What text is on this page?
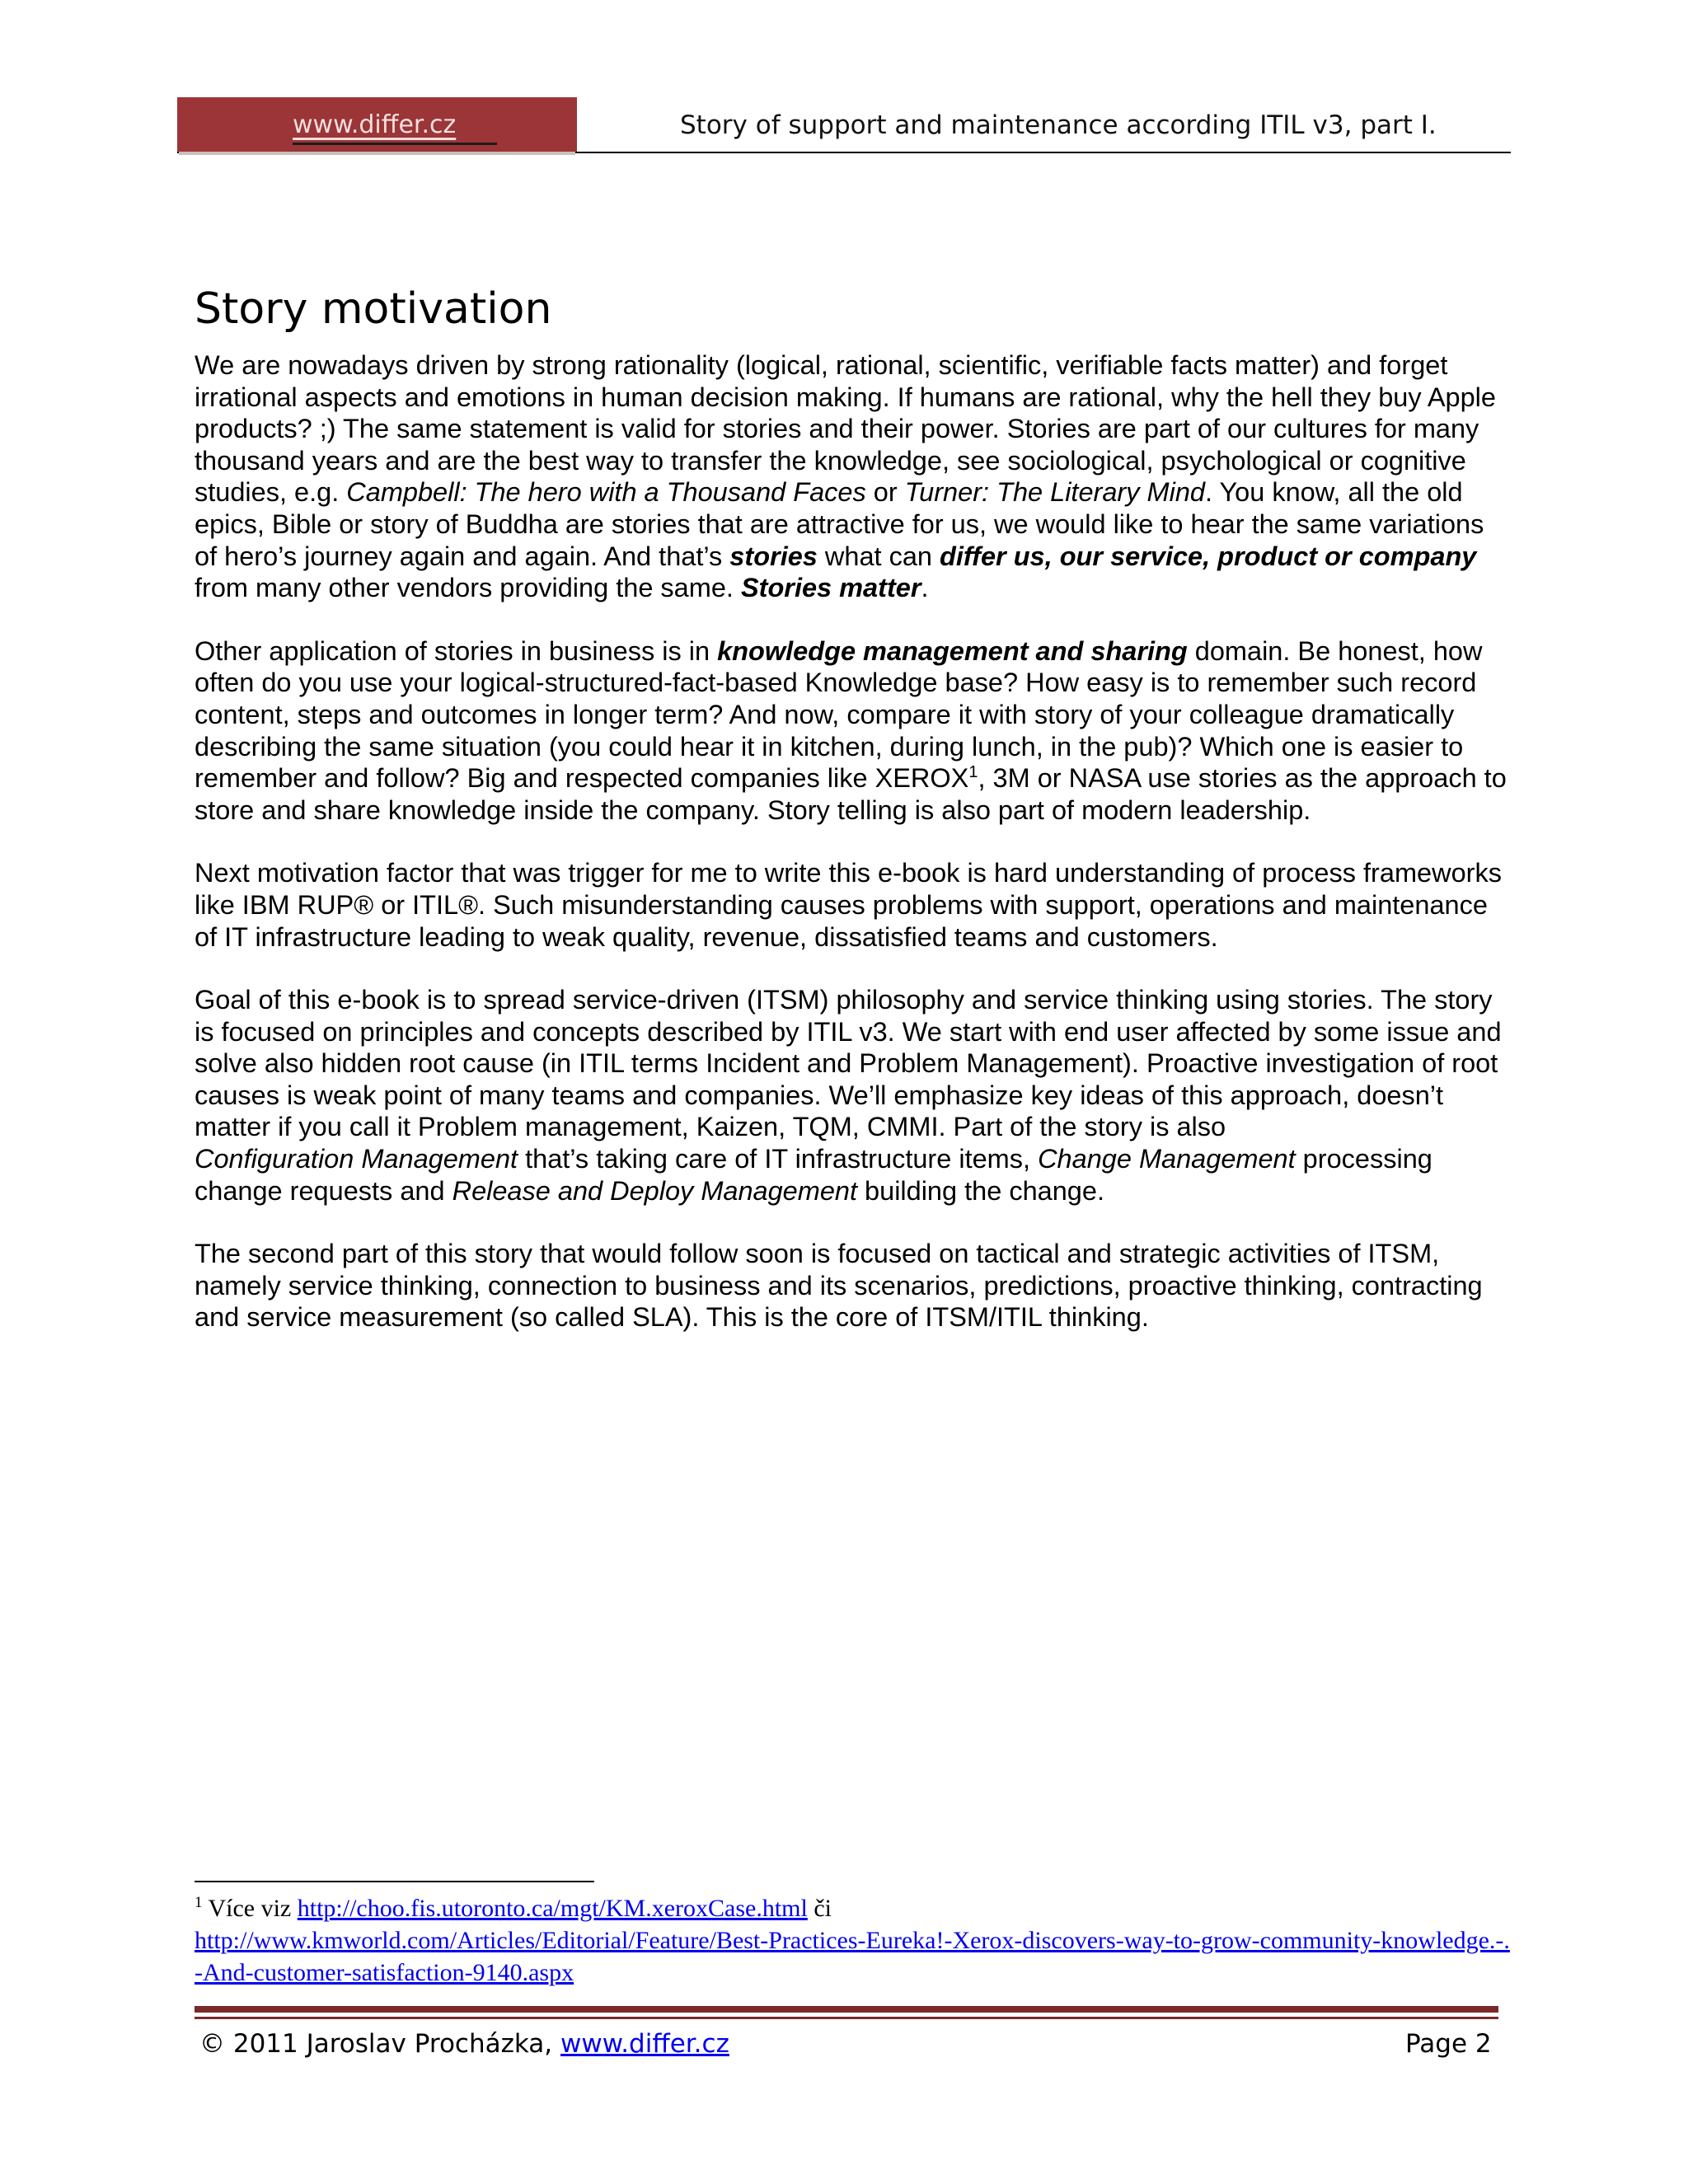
www.differ.cz	Story of support and maintenance according ITIL v3, part I.
Story motivation

We are nowadays driven by strong rationality (logical, rational, scientific, verifiable facts matter) and forget irrational aspects and emotions in human decision making. If humans are rational, why the hell they buy Apple products? ;) The same statement is valid for stories and their power. Stories are part of our cultures for many thousand years and are the best way to transfer the knowledge, see sociological, psychological or cognitive studies, e.g. Campbell: The hero with a Thousand Faces or Turner: The Literary Mind. You know, all the old epics, Bible or story of Buddha are stories that are attractive for us, we would like to hear the same variations of hero’s journey again and again. And that’s stories what can differ us, our service, product or company from many other vendors providing the same. Stories matter.

Other application of stories in business is in knowledge management and sharing domain. Be honest, how often do you use your logical-structured-fact-based Knowledge base? How easy is to remember such record content, steps and outcomes in longer term? And now, compare it with story of your colleague dramatically describing the same situation (you could hear it in kitchen, during lunch, in the pub)? Which one is easier to remember and follow? Big and respected companies like XEROX$^1$, 3M or NASA use stories as the approach to store and share knowledge inside the company. Story telling is also part of modern leadership.

Next motivation factor that was trigger for me to write this e-book is hard understanding of process frameworks like IBM RUP® or ITIL®. Such misunderstanding causes problems with support, operations and maintenance of IT infrastructure leading to weak quality, revenue, dissatisfied teams and customers.

Goal of this e-book is to spread service-driven (ITSM) philosophy and service thinking using stories. The story is focused on principles and concepts described by ITIL v3. We start with end user affected by some issue and solve also hidden root cause (in ITIL terms Incident and Problem Management). Proactive investigation of root causes is weak point of many teams and companies. We’ll emphasize key ideas of this approach, doesn’t matter if you call it Problem management, Kaizen, TQM, CMMI. Part of the story is also
Configuration Management that’s taking care of IT infrastructure items, Change Management processing change requests and Release and Deploy Management building the change.

The second part of this story that would follow soon is focused on tactical and strategic activities of ITSM, namely service thinking, connection to business and its scenarios, predictions, proactive thinking, contracting and service measurement (so called SLA). This is the core of ITSM/ITIL thinking.

$^1$ Více viz http://choo.fis.utoronto.ca/mgt/KM.xeroxCase.html či
http://www.kmworld.com/Articles/Editorial/Feature/Best-Practices-Eureka!-Xerox-discovers-way-to-grow-community-knowledge.-.-And-customer-satisfaction-9140.aspx
© 2011 Jaroslav Procházka, www.differ.cz	Page 2
